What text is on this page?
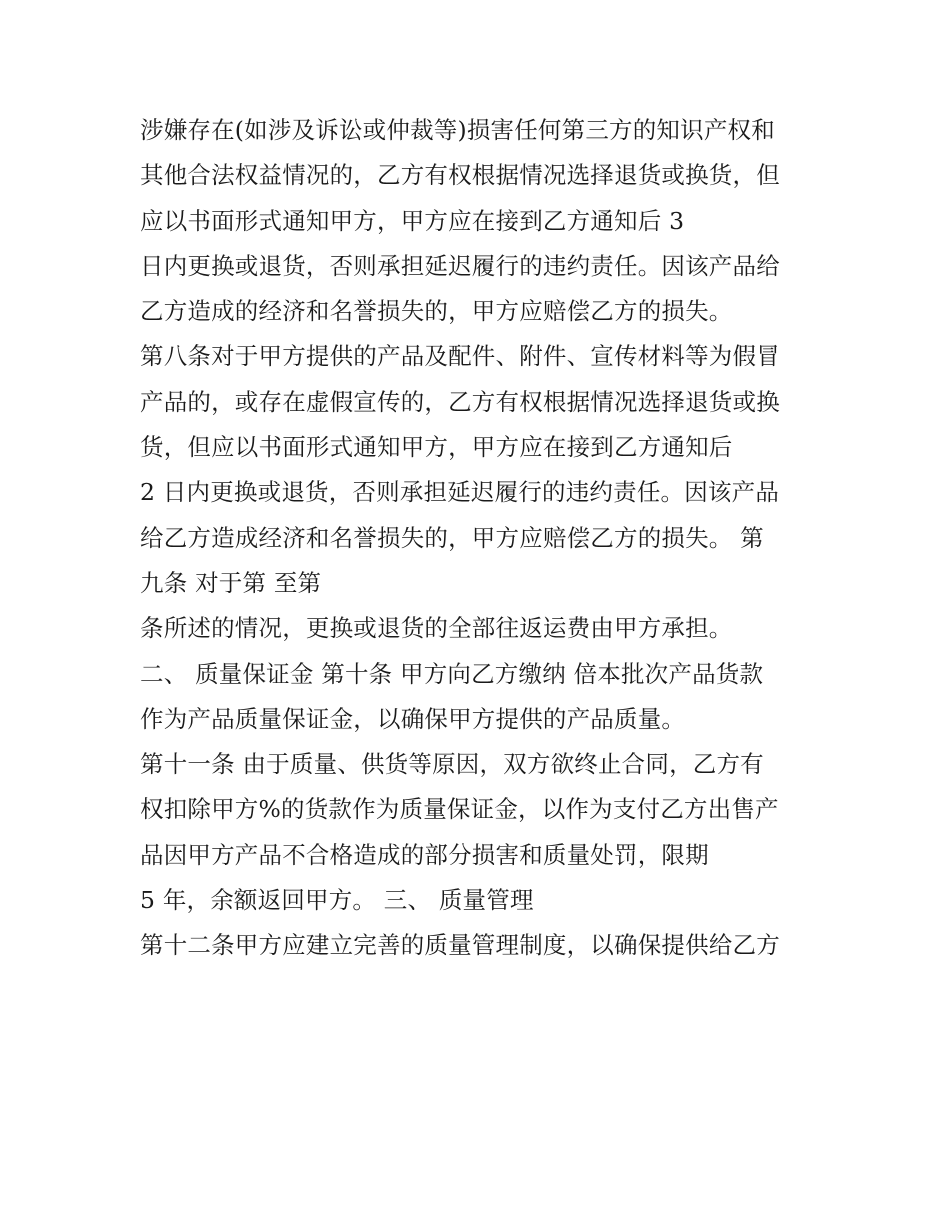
涉嫌存在(如涉及诉讼或仲裁等)损害任何第三方的知识产权和
其他合法权益情况的，乙方有权根据情况选择退货或换货，但
应以书面形式通知甲方，甲方应在接到乙方通知后 3
日内更换或退货，否则承担延迟履行的违约责任。因该产品给
乙方造成的经济和名誉损失的，甲方应赔偿乙方的损失。
第八条对于甲方提供的产品及配件、附件、宣传材料等为假冒
产品的，或存在虚假宣传的，乙方有权根据情况选择退货或换
货，但应以书面形式通知甲方，甲方应在接到乙方通知后
2 日内更换或退货，否则承担延迟履行的违约责任。因该产品
给乙方造成经济和名誉损失的，甲方应赔偿乙方的损失。 第
九条 对于第 至第
条所述的情况，更换或退货的全部往返运费由甲方承担。
二、 质量保证金 第十条 甲方向乙方缴纳 倍本批次产品货款
作为产品质量保证金，以确保甲方提供的产品质量。
第十一条 由于质量、供货等原因，双方欲终止合同，乙方有
权扣除甲方%的货款作为质量保证金，以作为支付乙方出售产
品因甲方产品不合格造成的部分损害和质量处罚，限期
5 年，余额返回甲方。 三、 质量管理
第十二条甲方应建立完善的质量管理制度，以确保提供给乙方
